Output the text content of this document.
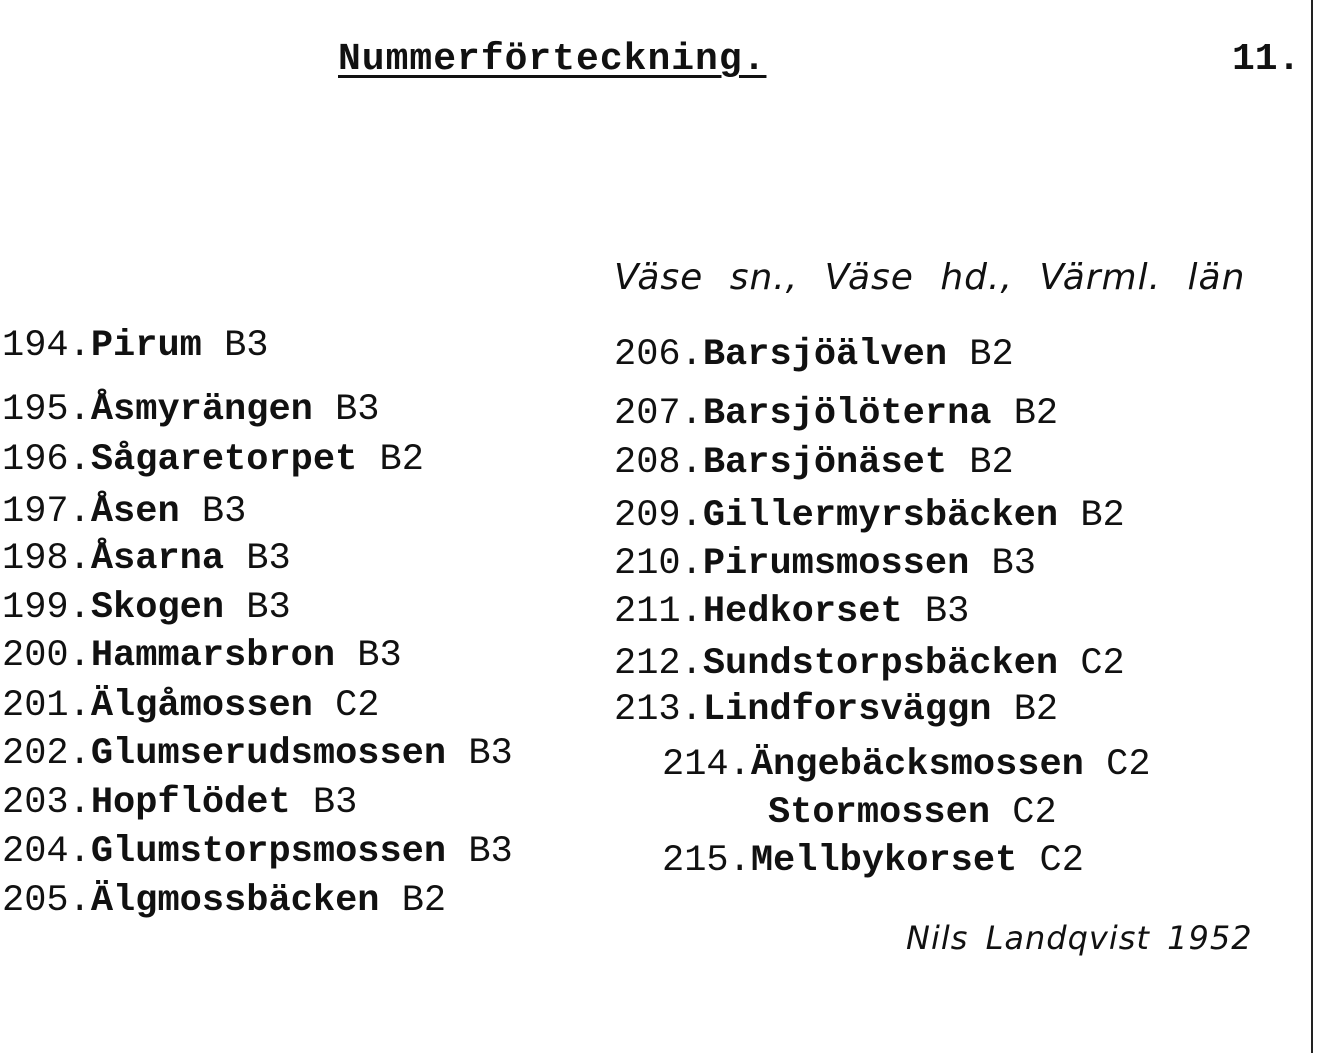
Nummerförteckning.	11.
Väse sn., Väse hd., Värml. län
194.Pirum B3
195.Åsmyrängen B3
196.Sågaretorpet B2
197.Åsen B3
198.Åsarna B3
199.Skogen B3
200.Hammarsbron B3
201.Älgåmossen C2
202.Glumserudsmossen B3
203.Hopflödet B3
204.Glumstorpsmossen B3
205.Älgmossbäcken B2
206.Barsjöälven B2
207.Barsjölöterna B2
208.Barsjönäset B2
209.Gillermyrsbäcken B2
210.Pirumsmossen B3
211.Hedkorset B3
212.Sundstorpsbäcken C2
213.Lindforsväggn B2
214.Ängebäcksmossen C2
Stormossen C2
215.Mellbykorset C2
Nils Landqvist 1952
